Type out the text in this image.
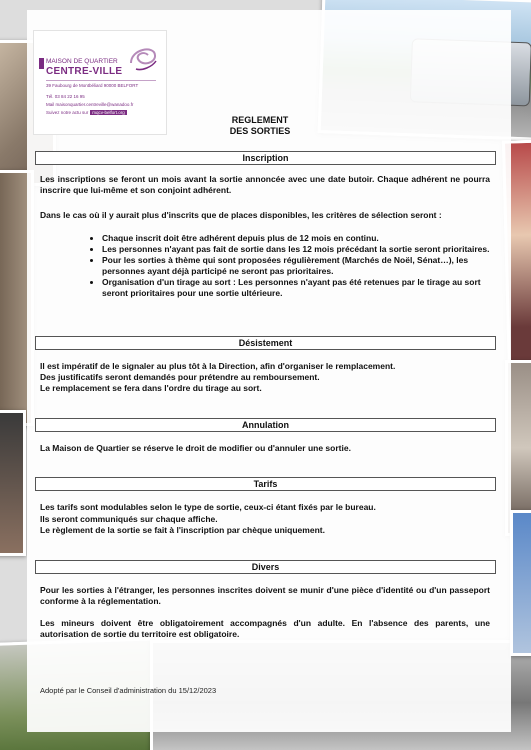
MAISON DE QUARTIER
CENTRE-VILLE
39 Faubourg de Montbéliard 90000 BELFORT
Tél. 03 84 22 16 95
Mail maisonquartier.centreville@wanadoo.fr
Suivez notre actu sur mqcv-belfort.org
REGLEMENT
DES SORTIES
Inscription
Les inscriptions se feront un mois avant la sortie annoncée avec une date butoir. Chaque adhérent ne pourra inscrire que lui-même et son conjoint adhérent.
Dans le cas où il y aurait plus d'inscrits que de places disponibles, les critères de sélection seront :
• Chaque inscrit doit être adhérent depuis plus de 12 mois en continu.
• Les personnes n'ayant pas fait de sortie dans les 12 mois précédant la sortie seront prioritaires.
• Pour les sorties à thème qui sont proposées régulièrement (Marchés de Noël, Sénat…), les personnes ayant déjà participé ne seront pas prioritaires.
• Organisation d'un tirage au sort : Les personnes n'ayant pas été retenues par le tirage au sort seront prioritaires pour une sortie ultérieure.
Désistement
Il est impératif de le signaler au plus tôt à la Direction, afin d'organiser le remplacement.
Des justificatifs seront demandés pour prétendre au remboursement.
Le remplacement se fera dans l'ordre du tirage au sort.
Annulation
La Maison de Quartier se réserve le droit de modifier ou d'annuler une sortie.
Tarifs
Les tarifs sont modulables selon le type de sortie, ceux-ci étant fixés par le bureau.
Ils seront communiqués sur chaque affiche.
Le règlement de la sortie se fait à l'inscription par chèque uniquement.
Divers
Pour les sorties à l'étranger, les personnes inscrites doivent se munir d'une pièce d'identité ou d'un passeport conforme à la réglementation.
Les mineurs doivent être obligatoirement accompagnés d'un adulte. En l'absence des parents, une autorisation de sortie du territoire est obligatoire.
Adopté par le Conseil d'administration du 15/12/2023
